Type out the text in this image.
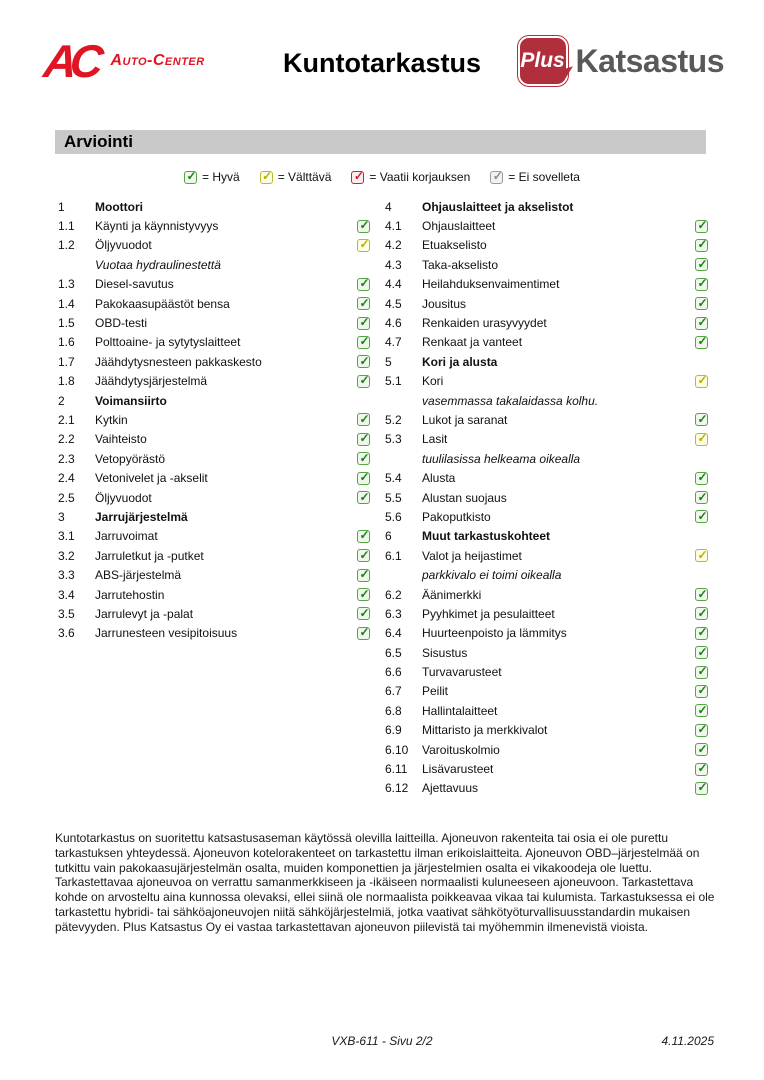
AC Auto-Center	Kuntotarkastus	Plus Katsastus
Arviointi
✓ = Hyvä ✓ = Välttävä ✓ = Vaatii korjauksen ✓ = Ei sovelleta
1	Moottori
1.1	Käynti ja käynnistyvyys	✓
1.2	Öljyvuodot	✓
Vuotaa hydraulinestettä
1.3	Diesel-savutus	✓
1.4	Pakokaasupäästöt bensa	✓
1.5	OBD-testi	✓
1.6	Polttoaine- ja sytytyslaitteet	✓
1.7	Jäähdytysnesteen pakkaskesto	✓
1.8	Jäähdytysjärjestelmä	✓
2	Voimansiirto
2.1	Kytkin	✓
2.2	Vaihteisto	✓
2.3	Vetopyörästö	✓
2.4	Vetonivelet ja -akselit	✓
2.5	Öljyvuodot	✓
3	Jarrujärjestelmä
3.1	Jarruvoimat	✓
3.2	Jarruletkut ja -putket	✓
3.3	ABS-järjestelmä	✓
3.4	Jarrutehostin	✓
3.5	Jarrulevyt ja -palat	✓
3.6	Jarrunesteen vesipitoisuus	✓
4	Ohjauslaitteet ja akselistot
4.1	Ohjauslaitteet	✓
4.2	Etuakselisto	✓
4.3	Taka-akselisto	✓
4.4	Heilahduksenvaimentimet	✓
4.5	Jousitus	✓
4.6	Renkaiden urasyvyydet	✓
4.7	Renkaat ja vanteet	✓
5	Kori ja alusta
5.1	Kori	✓
vasemmassa takalaidassa kolhu.
5.2	Lukot ja saranat	✓
5.3	Lasit	✓
tuulilasissa helkeama oikealla
5.4	Alusta	✓
5.5	Alustan suojaus	✓
5.6	Pakoputkisto	✓
6	Muut tarkastuskohteet
6.1	Valot ja heijastimet	✓
parkkivalo ei toimi oikealla
6.2	Äänimerkki	✓
6.3	Pyyhkimet ja pesulaitteet	✓
6.4	Huurteenpoisto ja lämmitys	✓
6.5	Sisustus	✓
6.6	Turvavarusteet	✓
6.7	Peilit	✓
6.8	Hallintalaitteet	✓
6.9	Mittaristo ja merkkivalot	✓
6.10	Varoituskolmio	✓
6.11	Lisävarusteet	✓
6.12	Ajettavuus	✓

Kuntotarkastus on suoritettu katsastusaseman käytössä olevilla laitteilla. Ajoneuvon rakenteita tai osia ei ole purettu tarkastuksen yhteydessä. Ajoneuvon kotelorakenteet on tarkastettu ilman erikoislaitteita. Ajoneuvon OBD–järjestelmää on tutkittu vain pakokaasujärjestelmän osalta, muiden komponettien ja järjestelmien osalta ei vikakoodeja ole luettu. Tarkastettavaa ajoneuvoa on verrattu samanmerkkiseen ja -ikäiseen normaalisti kuluneeseen ajoneuvoon. Tarkastettava kohde on arvosteltu aina kunnossa olevaksi, ellei siinä ole normaalista poikkeavaa vikaa tai kulumista. Tarkastuksessa ei ole tarkastettu hybridi- tai sähköajoneuvojen niitä sähköjärjestelmiä, jotka vaativat sähkötyöturvallisuusstandardin mukaisen pätevyyden. Plus Katsastus Oy ei vastaa tarkastettavan ajoneuvon piilevistä tai myöhemmin ilmenevistä vioista.

VXB-611 - Sivu 2/2	4.11.2025
